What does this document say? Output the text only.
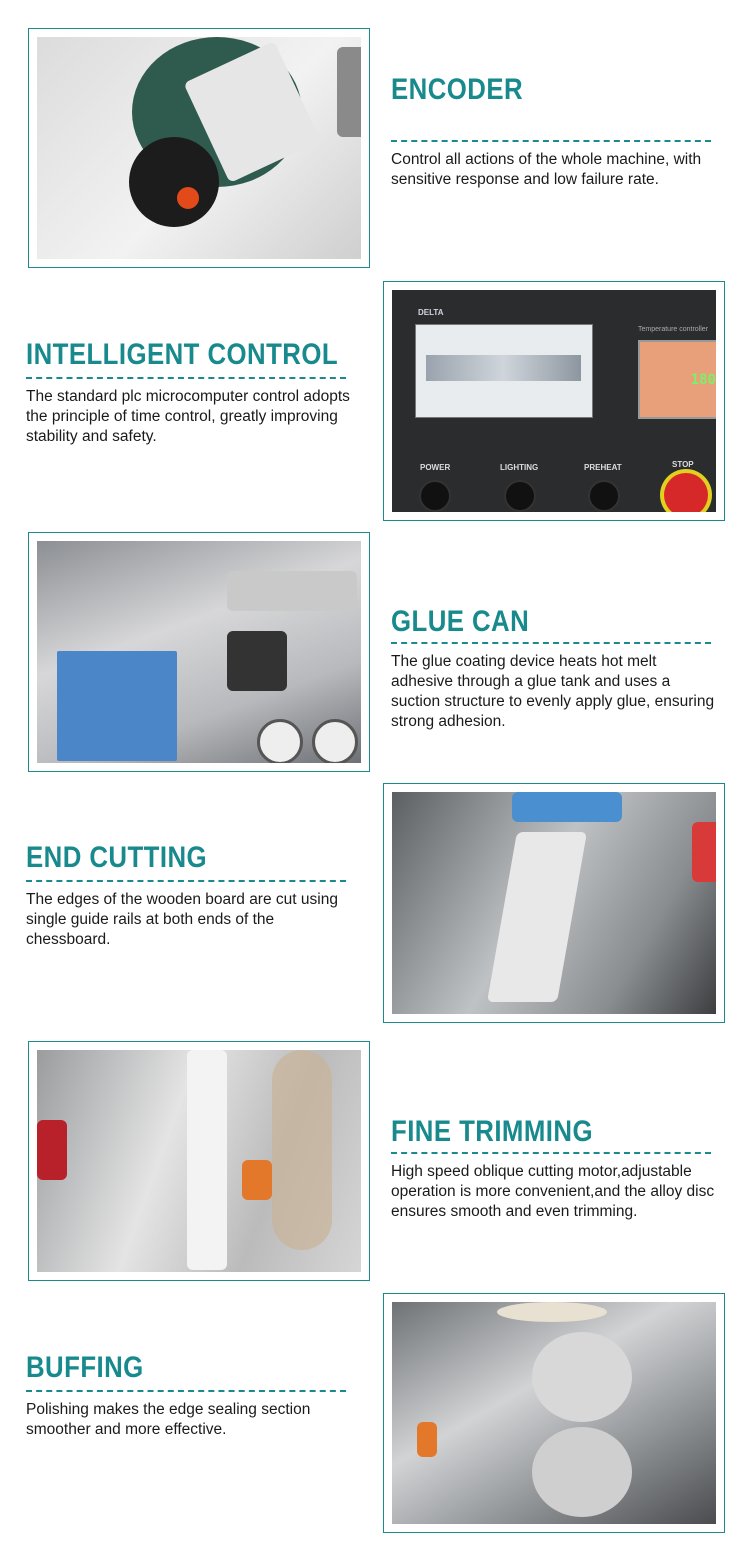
ENCODER

Control all actions of the whole machine, with sensitive response and low failure rate.

INTELLIGENT CONTROL

The standard plc microcomputer control adopts the principle of time control, greatly improving stability and safety.

DELTA
Temperature controller
180
POWER	LIGHTING	PREHEAT	STOP
GLUE CAN

The glue coating device heats hot melt adhesive through a glue tank and uses a suction structure to evenly apply glue, ensuring strong adhesion.

END CUTTING

The edges of the wooden board are cut using single guide rails at both ends of the chessboard.

FINE TRIMMING

High speed oblique cutting motor,adjustable operation is more convenient,and the alloy disc ensures smooth and even trimming.

BUFFING

Polishing makes the edge sealing section smoother and more effective.
